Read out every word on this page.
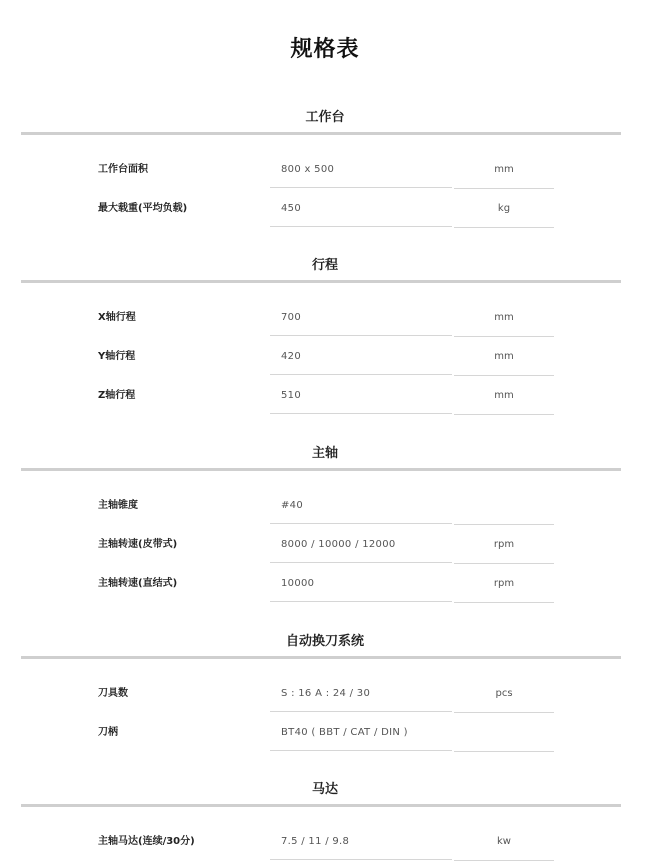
规格表
工作台
工作台面积	800 x 500	mm
最大载重(平均负载)	450	kg
行程
X轴行程	700	mm
Y轴行程	420	mm
Z轴行程	510	mm
主轴
主轴锥度	#40
主轴转速(皮带式)	8000 / 10000 / 12000	rpm
主轴转速(直结式)	10000	rpm
自动换刀系统
刀具数	S : 16 A : 24 / 30	pcs
刀柄	BT40 ( BBT / CAT / DIN )
马达
主轴马达(连续/30分)	7.5 / 11 / 9.8	kw
